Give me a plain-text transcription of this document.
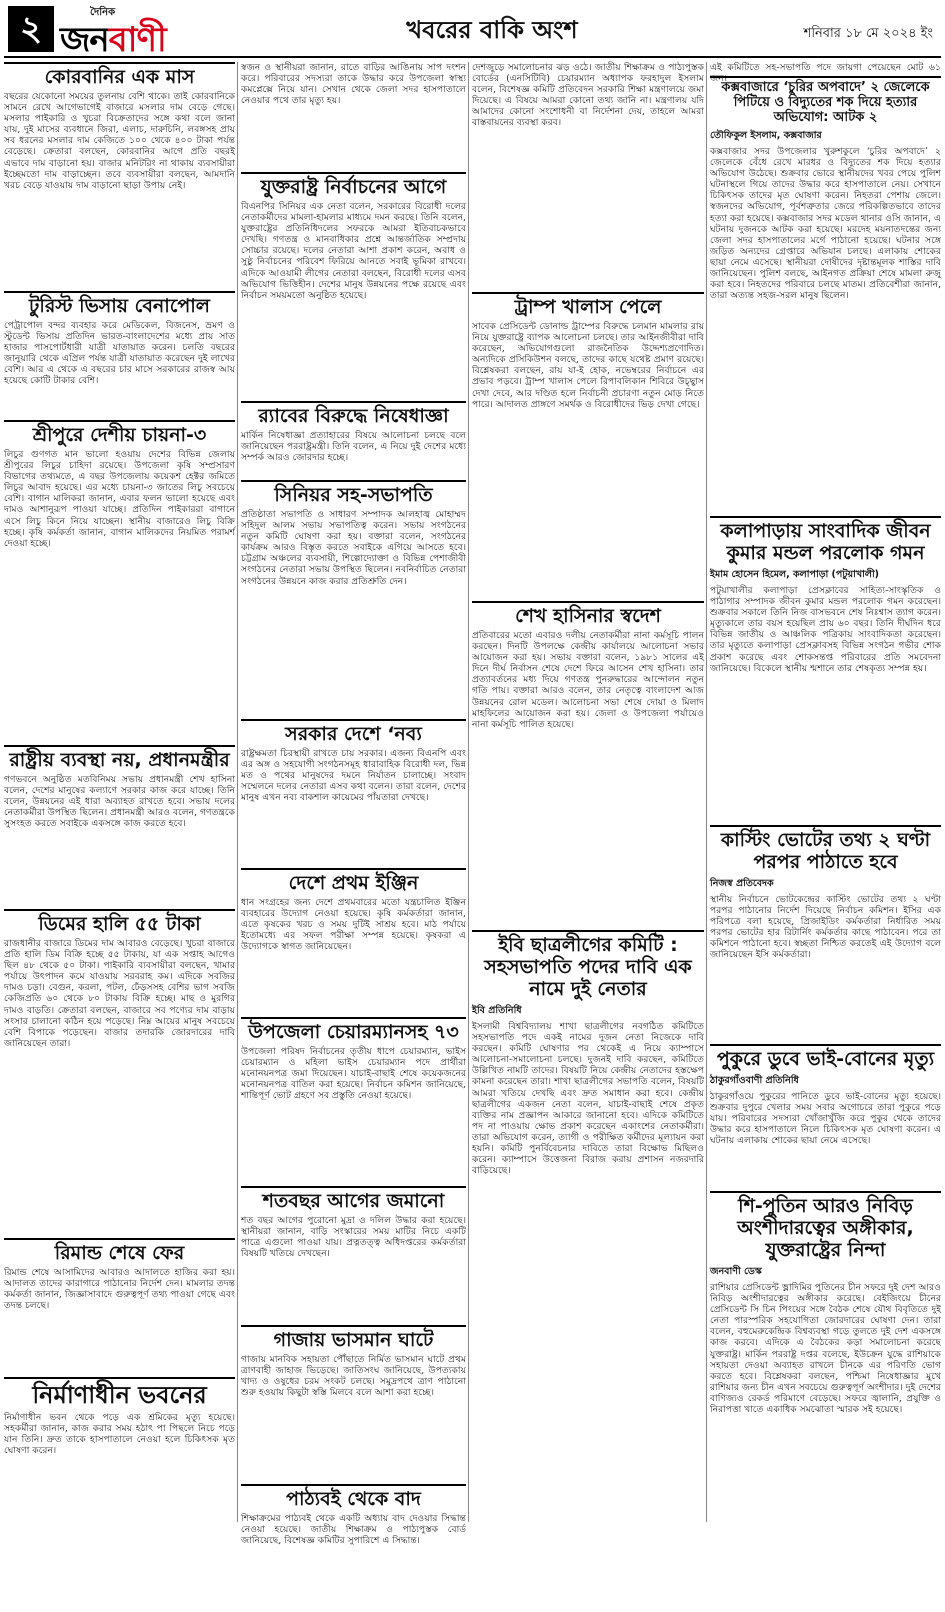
২	দৈনিক
জনবাণী	খবরের বাকি অংশ	শনিবার ১৮ মে ২০২৪ ইং
কোরবানির এক মাস
বছরের যেকোনো সময়ের তুলনায় বেশি থাকে। তাই কোরবানিকে সামনে রেখে আগেভাগেই বাজারে মসলার দাম বেড়ে গেছে। মসলার পাইকারি ও খুচরা বিক্রেতাদের সঙ্গে কথা বলে জানা যায়, দুই মাসের ব্যবধানে জিরা, এলাচ, দারুচিনি, লবঙ্গসহ প্রায় সব ধরনের মসলার দাম কেজিতে ১০০ থেকে ৪০০ টাকা পর্যন্ত বেড়েছে। ক্রেতারা বলছেন, কোরবানির আগে প্রতি বছরই এভাবে দাম বাড়ানো হয়। বাজার মনিটরিং না থাকায় ব্যবসায়ীরা ইচ্ছেমতো দাম বাড়াচ্ছেন। তবে ব্যবসায়ীরা বলছেন, আমদানি খরচ বেড়ে যাওয়ায় দাম বাড়ানো ছাড়া উপায় নেই।
টুরিস্ট ভিসায় বেনাপোল
পেট্রাপোল বন্দর ব্যবহার করে মেডিকেল, বিজনেস, ভ্রমণ ও স্টুডেন্ট ভিসায় প্রতিদিন ভারত-বাংলাদেশের মধ্যে প্রায় সাত হাজার পাসপোর্টধারী যাত্রী যাতায়াত করেন। চলতি বছরের জানুয়ারি থেকে এপ্রিল পর্যন্ত যাত্রী যাতায়াত করেছেন দুই লাখের বেশি। আর এ থেকে এ বছরের চার মাসে সরকারের রাজস্ব আয় হয়েছে কোটি টাকার বেশি।
শ্রীপুরে দেশীয় চায়না-৩
লিচুর গুণগত মান ভালো হওয়ায় দেশের বিভিন্ন জেলায় শ্রীপুরের লিচুর চাহিদা রয়েছে। উপজেলা কৃষি সম্প্রসারণ বিভাগের তথ্যমতে, এ বছর উপজেলায় কয়েকশ হেক্টর জমিতে লিচুর আবাদ হয়েছে। এর মধ্যে চায়না-৩ জাতের লিচু সবচেয়ে বেশি। বাগান মালিকরা জানান, এবার ফলন ভালো হয়েছে এবং দামও আশানুরূপ পাওয়া যাচ্ছে। প্রতিদিন পাইকাররা বাগানে এসে লিচু কিনে নিয়ে যাচ্ছেন। স্থানীয় বাজারেও লিচু বিক্রি হচ্ছে। কৃষি কর্মকর্তা জানান, বাগান মালিকদের নিয়মিত পরামর্শ দেওয়া হচ্ছে।
রাষ্ট্রীয় ব্যবস্থা নয়, প্রধানমন্ত্রীর
গণভবনে অনুষ্ঠিত মতবিনিময় সভায় প্রধানমন্ত্রী শেখ হাসিনা বলেন, দেশের মানুষের কল্যাণে সরকার কাজ করে যাচ্ছে। তিনি বলেন, উন্নয়নের এই ধারা অব্যাহত রাখতে হবে। সভায় দলের নেতাকর্মীরা উপস্থিত ছিলেন। প্রধানমন্ত্রী আরও বলেন, গণতন্ত্রকে সুসংহত করতে সবাইকে একসঙ্গে কাজ করতে হবে।
ডিমের হালি ৫৫ টাকা
রাজধানীর বাজারে ডিমের দাম আবারও বেড়েছে। খুচরা বাজারে প্রতি হালি ডিম বিক্রি হচ্ছে ৫৫ টাকায়, যা এক সপ্তাহ আগেও ছিল ৪৮ থেকে ৫০ টাকা। পাইকারি ব্যবসায়ীরা বলছেন, খামার পর্যায়ে উৎপাদন কমে যাওয়ায় সরবরাহ কম। এদিকে সবজির দামও চড়া। বেগুন, করলা, পটল, ঢেঁড়সসহ বেশির ভাগ সবজি কেজিপ্রতি ৬০ থেকে ৮০ টাকায় বিক্রি হচ্ছে। মাছ ও মুরগির দামও বাড়তি। ক্রেতারা বলছেন, বাজারে সব পণ্যের দাম বাড়ায় সংসার চালানো কঠিন হয়ে পড়েছে। নিম্ন আয়ের মানুষ সবচেয়ে বেশি বিপাকে পড়েছেন। বাজার তদারকি জোরদারের দাবি জানিয়েছেন তারা।
রিমান্ড শেষে ফের
রিমান্ড শেষে আসামিদের আবারও আদালতে হাজির করা হয়। আদালত তাদের কারাগারে পাঠানোর নির্দেশ দেন। মামলার তদন্ত কর্মকর্তা জানান, জিজ্ঞাসাবাদে গুরুত্বপূর্ণ তথ্য পাওয়া গেছে এবং তদন্ত চলছে।
নির্মাণাধীন ভবনের
নির্মাণাধীন ভবন থেকে পড়ে এক শ্রমিকের মৃত্যু হয়েছে। সহকর্মীরা জানান, কাজ করার সময় হঠাৎ পা পিছলে নিচে পড়ে যান তিনি। দ্রুত তাকে হাসপাতালে নেওয়া হলে চিকিৎসক মৃত ঘোষণা করেন।
স্বজন ও স্থানীয়রা জানান, রাতে বাড়ির আঙিনায় সাপ দংশন করে। পরিবারের সদস্যরা তাকে উদ্ধার করে উপজেলা স্বাস্থ্য কমপ্লেক্সে নিয়ে যান। সেখান থেকে জেলা সদর হাসপাতালে নেওয়ার পথে তার মৃত্যু হয়।
যুক্তরাষ্ট্র নির্বাচনের আগে
বিএনপির সিনিয়র এক নেতা বলেন, সরকারের বিরোধী দলের নেতাকর্মীদের মামলা-হামলার মাধ্যমে দমন করছে। তিনি বলেন, যুক্তরাষ্ট্রের প্রতিনিধিদলের সফরকে আমরা ইতিবাচকভাবে দেখছি। গণতন্ত্র ও মানবাধিকার প্রশ্নে আন্তর্জাতিক সম্প্রদায় সোচ্চার রয়েছে। দলের নেতারা আশা প্রকাশ করেন, অবাধ ও সুষ্ঠু নির্বাচনের পরিবেশ ফিরিয়ে আনতে সবাই ভূমিকা রাখবে। এদিকে আওয়ামী লীগের নেতারা বলছেন, বিরোধী দলের এসব অভিযোগ ভিত্তিহীন। দেশের মানুষ উন্নয়নের পক্ষে রয়েছে এবং নির্বাচন সময়মতো অনুষ্ঠিত হয়েছে।
র‍্যাবের বিরুদ্ধে নিষেধাজ্ঞা
মার্কিন নিষেধাজ্ঞা প্রত্যাহারের বিষয়ে আলোচনা চলছে বলে জানিয়েছেন পররাষ্ট্রমন্ত্রী। তিনি বলেন, এ নিয়ে দুই দেশের মধ্যে সম্পর্ক আরও জোরদার হচ্ছে।
সিনিয়র সহ-সভাপতি
প্রতিষ্ঠাতা সভাপতি ও সাধারণ সম্পাদক আলহাজ্ব মোহাম্মদ সহিদুল আলম সভায় সভাপতিত্ব করেন। সভায় সংগঠনের নতুন কমিটি ঘোষণা করা হয়। বক্তারা বলেন, সংগঠনের কার্যক্রম আরও বিস্তৃত করতে সবাইকে এগিয়ে আসতে হবে। চট্টগ্রাম অঞ্চলের ব্যবসায়ী, শিল্পোদ্যোক্তা ও বিভিন্ন পেশাজীবী সংগঠনের নেতারা সভায় উপস্থিত ছিলেন। নবনির্বাচিত নেতারা সংগঠনের উন্নয়নে কাজ করার প্রতিশ্রুতি দেন।
সরকার দেশে ‘নব্য
রাষ্ট্রক্ষমতা চিরস্থায়ী রাখতে চায় সরকার। এজন্য বিএনপি এবং এর অঙ্গ ও সহযোগী সংগঠনসমূহ ধারাবাহিক বিরোধী দল, ভিন্ন মত ও পথের মানুষদের দমনে নির্যাতন চালাচ্ছে। সংবাদ সম্মেলনে দলের নেতারা এসব কথা বলেন। তারা বলেন, দেশের মানুষ এখন নব্য বাকশাল কায়েমের পাঁয়তারা দেখছে।
দেশে প্রথম ইঞ্জিন
ধান সংগ্রহের জন্য দেশে প্রথমবারের মতো যন্ত্রচালিত ইঞ্জিন ব্যবহারের উদ্যোগ নেওয়া হয়েছে। কৃষি কর্মকর্তারা জানান, এতে কৃষকের খরচ ও সময় দুটিই সাশ্রয় হবে। মাঠ পর্যায়ে ইতোমধ্যে এর সফল পরীক্ষা সম্পন্ন হয়েছে। কৃষকরা এ উদ্যোগকে স্বাগত জানিয়েছেন।
উপজেলা চেয়ারম্যানসহ ৭৩
উপজেলা পরিষদ নির্বাচনের তৃতীয় ধাপে চেয়ারম্যান, ভাইস চেয়ারম্যান ও মহিলা ভাইস চেয়ারম্যান পদে প্রার্থীরা মনোনয়নপত্র জমা দিয়েছেন। যাচাই-বাছাই শেষে কয়েকজনের মনোনয়নপত্র বাতিল করা হয়েছে। নির্বাচন কমিশন জানিয়েছে, শান্তিপূর্ণ ভোট গ্রহণে সব প্রস্তুতি নেওয়া হয়েছে।
শতবছর আগের জমানো
শত বছর আগের পুরোনো মুদ্রা ও দলিল উদ্ধার করা হয়েছে। স্থানীয়রা জানান, বাড়ি সংস্কারের সময় মাটির নিচে একটি পাত্রে এগুলো পাওয়া যায়। প্রত্নতত্ত্ব অধিদপ্তরের কর্মকর্তারা বিষয়টি খতিয়ে দেখছেন।
গাজায় ভাসমান ঘাটে
গাজায় মানবিক সহায়তা পৌঁছাতে নির্মিত ভাসমান ঘাটে প্রথম ত্রাণবাহী জাহাজ ভিড়েছে। জাতিসংঘ জানিয়েছে, উপত্যকায় খাদ্য ও ওষুধের চরম সংকট চলছে। সমুদ্রপথে ত্রাণ পাঠানো শুরু হওয়ায় কিছুটা স্বস্তি মিলবে বলে আশা করা হচ্ছে।
পাঠ্যবই থেকে বাদ
শিক্ষাক্রমের পাঠ্যবই থেকে একটি অধ্যায় বাদ দেওয়ার সিদ্ধান্ত নেওয়া হয়েছে। জাতীয় শিক্ষাক্রম ও পাঠ্যপুস্তক বোর্ড জানিয়েছে, বিশেষজ্ঞ কমিটির সুপারিশে এ সিদ্ধান্ত।
দেশজুড়ে সমালোচনার ঝড় ওঠে। জাতীয় শিক্ষাক্রম ও পাঠ্যপুস্তক বোর্ডের (এনসিটিবি) চেয়ারম্যান অধ্যাপক ফরহাদুল ইসলাম বলেন, বিশেষজ্ঞ কমিটি প্রতিবেদন সরকারি শিক্ষা মন্ত্রণালয়ে জমা দিয়েছে। এ বিষয়ে আমরা কোনো তথ্য জানি না। মন্ত্রণালয় যদি আমাদের কোনো সংশোধনী বা নির্দেশনা দেয়, তাহলে আমরা বাস্তবায়নের ব্যবস্থা করব।
ট্রাম্প খালাস পেলে
সাবেক প্রেসিডেন্ট ডোনাল্ড ট্রাম্পের বিরুদ্ধে চলমান মামলার রায় নিয়ে যুক্তরাষ্ট্রে ব্যাপক আলোচনা চলছে। তার আইনজীবীরা দাবি করেছেন, অভিযোগগুলো রাজনৈতিক উদ্দেশ্যপ্রণোদিত। অন্যদিকে প্রসিকিউশন বলছে, তাদের কাছে যথেষ্ট প্রমাণ রয়েছে। বিশ্লেষকরা বলছেন, রায় যা-ই হোক, নভেম্বরের নির্বাচনে এর প্রভাব পড়বে। ট্রাম্প খালাস পেলে রিপাবলিকান শিবিরে উচ্ছ্বাস দেখা দেবে, আর দণ্ডিত হলে নির্বাচনী প্রচারণা নতুন মোড় নিতে পারে। আদালত প্রাঙ্গণে সমর্থক ও বিরোধীদের ভিড় দেখা গেছে।
শেখ হাসিনার স্বদেশ
প্রতিবারের মতো এবারও দলীয় নেতাকর্মীরা নানা কর্মসূচি পালন করছেন। দিনটি উপলক্ষে কেন্দ্রীয় কার্যালয়ে আলোচনা সভার আয়োজন করা হয়। সভায় বক্তারা বলেন, ১৯৮১ সালের এই দিনে দীর্ঘ নির্বাসন শেষে দেশে ফিরে আসেন শেখ হাসিনা। তার প্রত্যাবর্তনের মধ্য দিয়ে গণতন্ত্র পুনরুদ্ধারের আন্দোলন নতুন গতি পায়। বক্তারা আরও বলেন, তার নেতৃত্বে বাংলাদেশ আজ উন্নয়নের রোল মডেল। আলোচনা সভা শেষে দোয়া ও মিলাদ মাহফিলের আয়োজন করা হয়। জেলা ও উপজেলা পর্যায়েও নানা কর্মসূচি পালিত হয়েছে।
ইবি ছাত্রলীগের কমিটি : সহসভাপতি পদের দাবি এক নামে দুই নেতার
ইবি প্রতিনিধি
ইসলামী বিশ্ববিদ্যালয় শাখা ছাত্রলীগের নবগঠিত কমিটিতে সহসভাপতি পদে একই নামের দুজন নেতা নিজেকে দাবি করছেন। কমিটি ঘোষণার পর থেকেই এ নিয়ে ক্যাম্পাসে আলোচনা-সমালোচনা চলছে। দুজনই দাবি করছেন, কমিটিতে উল্লিখিত নামটি তাদের। বিষয়টি নিয়ে কেন্দ্রীয় নেতাদের হস্তক্ষেপ কামনা করেছেন তারা। শাখা ছাত্রলীগের সভাপতি বলেন, বিষয়টি আমরা খতিয়ে দেখছি এবং দ্রুত সমাধান করা হবে। কেন্দ্রীয় ছাত্রলীগের একজন নেতা বলেন, যাচাই-বাছাই শেষে প্রকৃত ব্যক্তির নাম প্রজ্ঞাপন আকারে জানানো হবে। এদিকে কমিটিতে পদ না পাওয়ায় ক্ষোভ প্রকাশ করেছেন একাংশের নেতাকর্মীরা। তারা অভিযোগ করেন, ত্যাগী ও পরীক্ষিত কর্মীদের মূল্যায়ন করা হয়নি। কমিটি পুনর্বিবেচনার দাবিতে তারা বিক্ষোভ মিছিলও করেন। ক্যাম্পাসে উত্তেজনা বিরাজ করায় প্রশাসন নজরদারি বাড়িয়েছে।
এই কমিটিতে সহ-সভাপতি পদে জায়গা পেয়েছেন মোট ৬১ জন।
কক্সবাজারে ‘চুরির অপবাদে’ ২ জেলেকে পিটিয়ে ও বিদ্যুতের শক দিয়ে হত্যার অভিযোগ: আটক ২
তৌফিকুল ইসলাম, কক্সবাজার
কক্সবাজার সদর উপজেলার খুরুশকুলে ‘চুরির অপবাদে’ ২ জেলেকে বেঁধে রেখে মারধর ও বিদ্যুতের শক দিয়ে হত্যার অভিযোগ উঠেছে। শুক্রবার ভোরে স্থানীয়দের খবর পেয়ে পুলিশ ঘটনাস্থলে গিয়ে তাদের উদ্ধার করে হাসপাতালে নেয়। সেখানে চিকিৎসক তাদের মৃত ঘোষণা করেন। নিহতরা পেশায় জেলে। স্বজনদের অভিযোগ, পূর্বশত্রুতার জেরে পরিকল্পিতভাবে তাদের হত্যা করা হয়েছে। কক্সবাজার সদর মডেল থানার ওসি জানান, এ ঘটনায় দুজনকে আটক করা হয়েছে। মরদেহ ময়নাতদন্তের জন্য জেলা সদর হাসপাতালের মর্গে পাঠানো হয়েছে। ঘটনার সঙ্গে জড়িত অন্যদের গ্রেপ্তারে অভিযান চলছে। এলাকায় শোকের ছায়া নেমে এসেছে। স্থানীয়রা দোষীদের দৃষ্টান্তমূলক শাস্তির দাবি জানিয়েছেন। পুলিশ বলছে, আইনগত প্রক্রিয়া শেষে মামলা রুজু করা হবে। নিহতদের পরিবারে চলছে মাতম। প্রতিবেশীরা জানান, তারা অত্যন্ত সহজ-সরল মানুষ ছিলেন।
কলাপাড়ায় সাংবাদিক জীবন কুমার মন্ডল পরলোক গমন
ইমাম হোসেন হিমেল, কলাপাড়া (পটুয়াখালী)
পটুয়াখালীর কলাপাড়া প্রেসক্লাবের সাহিত্য-সাংস্কৃতিক ও পাঠাগার সম্পাদক জীবন কুমার মন্ডল পরলোক গমন করেছেন। শুক্রবার সকালে তিনি নিজ বাসভবনে শেষ নিঃশ্বাস ত্যাগ করেন। মৃত্যুকালে তার বয়স হয়েছিল প্রায় ৬০ বছর। তিনি দীর্ঘদিন ধরে বিভিন্ন জাতীয় ও আঞ্চলিক পত্রিকায় সাংবাদিকতা করেছেন। তার মৃত্যুতে কলাপাড়া প্রেসক্লাবসহ বিভিন্ন সংগঠন গভীর শোক প্রকাশ করেছে এবং শোকসন্তপ্ত পরিবারের প্রতি সমবেদনা জানিয়েছে। বিকেলে স্থানীয় শ্মশানে তার শেষকৃত্য সম্পন্ন হয়।
কাস্টিং ভোটের তথ্য ২ ঘণ্টা পরপর পাঠাতে হবে
নিজস্ব প্রতিবেদক
স্থানীয় নির্বাচনে ভোটকেন্দ্রের কাস্টিং ভোটের তথ্য ২ ঘণ্টা পরপর পাঠানোর নির্দেশ দিয়েছে নির্বাচন কমিশন। ইসির এক পরিপত্রে বলা হয়েছে, প্রিজাইডিং কর্মকর্তারা নির্ধারিত সময় পরপর ভোটের হার রিটার্নিং কর্মকর্তার কাছে পাঠাবেন। পরে তা কমিশনে পাঠানো হবে। স্বচ্ছতা নিশ্চিত করতেই এই উদ্যোগ বলে জানিয়েছেন ইসি কর্মকর্তারা।
পুকুরে ডুবে ভাই-বোনের মৃত্যু
ঠাকুরগাঁওবাণী প্রতিনিধি
ঠাকুরগাঁওয়ে পুকুরের পানিতে ডুবে ভাই-বোনের মৃত্যু হয়েছে। শুক্রবার দুপুরে খেলার সময় সবার অগোচরে তারা পুকুরে পড়ে যায়। পরিবারের সদস্যরা খোঁজাখুঁজি করে পুকুর থেকে তাদের উদ্ধার করে হাসপাতালে নিলে চিকিৎসক মৃত ঘোষণা করেন। এ ঘটনায় এলাকায় শোকের ছায়া নেমে এসেছে।
শি-পুতিন আরও নিবিড় অংশীদারত্বের অঙ্গীকার, যুক্তরাষ্ট্রের নিন্দা
জনবাণী ডেস্ক
রাশিয়ার প্রেসিডেন্ট ভ্লাদিমির পুতিনের চীন সফরে দুই দেশ আরও নিবিড় অংশীদারত্বের অঙ্গীকার করেছে। বেইজিংয়ে চীনের প্রেসিডেন্ট সি চিন পিংয়ের সঙ্গে বৈঠক শেষে যৌথ বিবৃতিতে দুই নেতা পারস্পরিক সহযোগিতা জোরদারের ঘোষণা দেন। তারা বলেন, বহুমেরুকেন্দ্রিক বিশ্বব্যবস্থা গড়ে তুলতে দুই দেশ একসঙ্গে কাজ করবে। এদিকে এ বৈঠকের কড়া সমালোচনা করেছে যুক্তরাষ্ট্র। মার্কিন পররাষ্ট্র দপ্তর বলেছে, ইউক্রেন যুদ্ধে রাশিয়াকে সহায়তা দেওয়া অব্যাহত রাখলে চীনকে এর পরিণতি ভোগ করতে হবে। বিশ্লেষকরা বলছেন, পশ্চিমা নিষেধাজ্ঞার মুখে রাশিয়ার জন্য চীন এখন সবচেয়ে গুরুত্বপূর্ণ অংশীদার। দুই দেশের বাণিজ্যও রেকর্ড পরিমাণে বেড়েছে। সফরে জ্বালানি, প্রযুক্তি ও নিরাপত্তা খাতে একাধিক সমঝোতা স্মারক সই হয়েছে।
